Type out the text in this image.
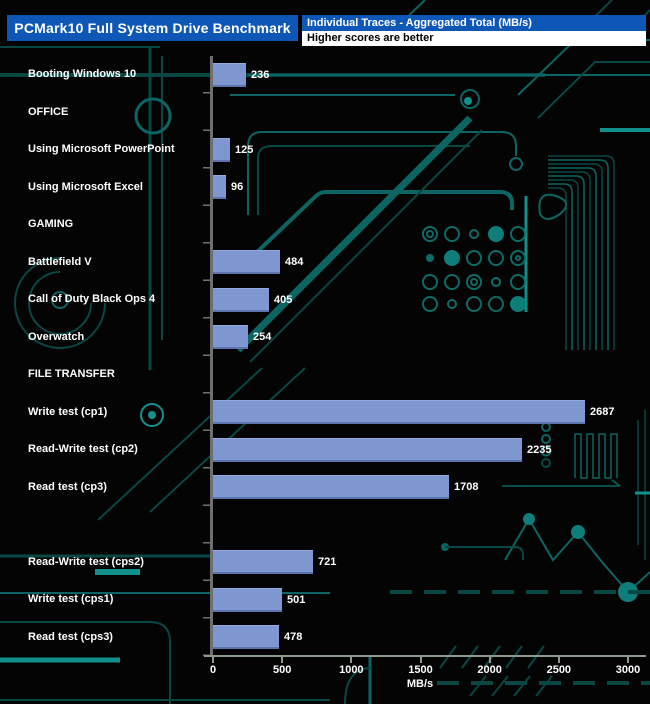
PCMark10 Full System Drive Benchmark	Individual Traces - Aggregated Total (MB/s)
Higher scores are better
0	500	1000	1500	2000	2500	3000
MB/s
Booting Windows 10	236
OFFICE
Using Microsoft PowerPoint	125
Using Microsoft Excel	96
GAMING
Battlefield V	484
Call of Duty Black Ops 4	405
Overwatch	254
FILE TRANSFER
Write test (cp1)	2687
Read-Write test (cp2)	2235
Read test (cp3)	1708
Read-Write test (cps2)	721
Write test (cps1)	501
Read test (cps3)	478
